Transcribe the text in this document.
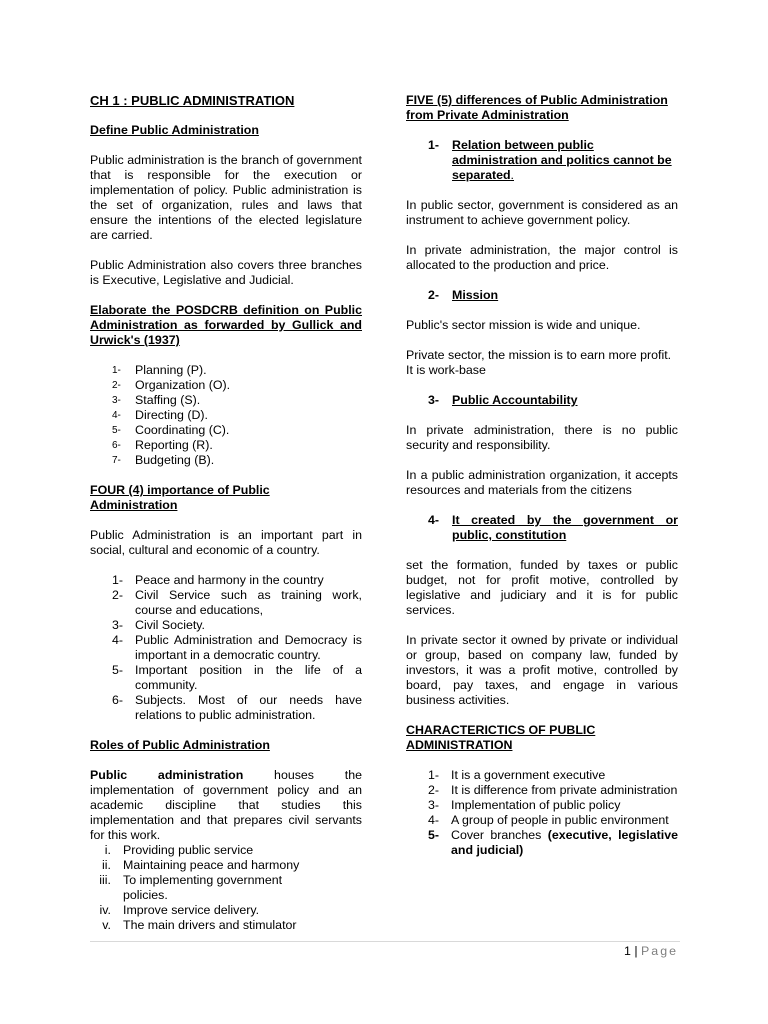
CH 1 : PUBLIC ADMINISTRATION

Define Public Administration

Public administration is the branch of government that is responsible for the execution or implementation of policy. Public administration is the set of organization, rules and laws that ensure the intentions of the elected legislature are carried.

Public Administration also covers three branches is Executive, Legislative and Judicial.

Elaborate the POSDCRB definition on Public Administration as forwarded by Gullick and Urwick's (1937)

1-	Planning (P).
2-	Organization (O).
3-	Staffing (S).
4-	Directing (D).
5-	Coordinating (C).
6-	Reporting (R).
7-	Budgeting (B).

FOUR (4) importance of Public Administration

Public Administration is an important part in social, cultural and economic of a country.

1- Peace and harmony in the country
2- Civil Service such as training work, course and educations,
3- Civil Society.
4- Public Administration and Democracy is important in a democratic country.
5- Important position in the life of a community.
6- Subjects. Most of our needs have relations to public administration.

Roles of Public Administration

Public administration houses the implementation of government policy and an academic discipline that studies this implementation and that prepares civil servants for this work.

i. Providing public service
ii. Maintaining peace and harmony
iii. To implementing government policies.
iv. Improve service delivery.
v. The main drivers and stimulator

FIVE (5) differences of Public Administration from Private Administration

1-	Relation between public administration and politics cannot be separated.

In public sector, government is considered as an instrument to achieve government policy.

In private administration, the major control is allocated to the production and price.

2-	Mission

Public's sector mission is wide and unique.

Private sector, the mission is to earn more profit. It is work-base

3-	Public Accountability

In private administration, there is no public security and responsibility.

In a public administration organization, it accepts resources and materials from the citizens

4-	It created by the government or public, constitution

set the formation, funded by taxes or public budget, not for profit motive, controlled by legislative and judiciary and it is for public services.

In private sector it owned by private or individual or group, based on company law, funded by investors, it was a profit motive, controlled by board, pay taxes, and engage in various business activities.

CHARACTERICTICS OF PUBLIC ADMINISTRATION

1- It is a government executive
2- It is difference from private administration
3- Implementation of public policy
4- A group of people in public environment
5- Cover branches (executive, legislative and judicial)
1 | Page
